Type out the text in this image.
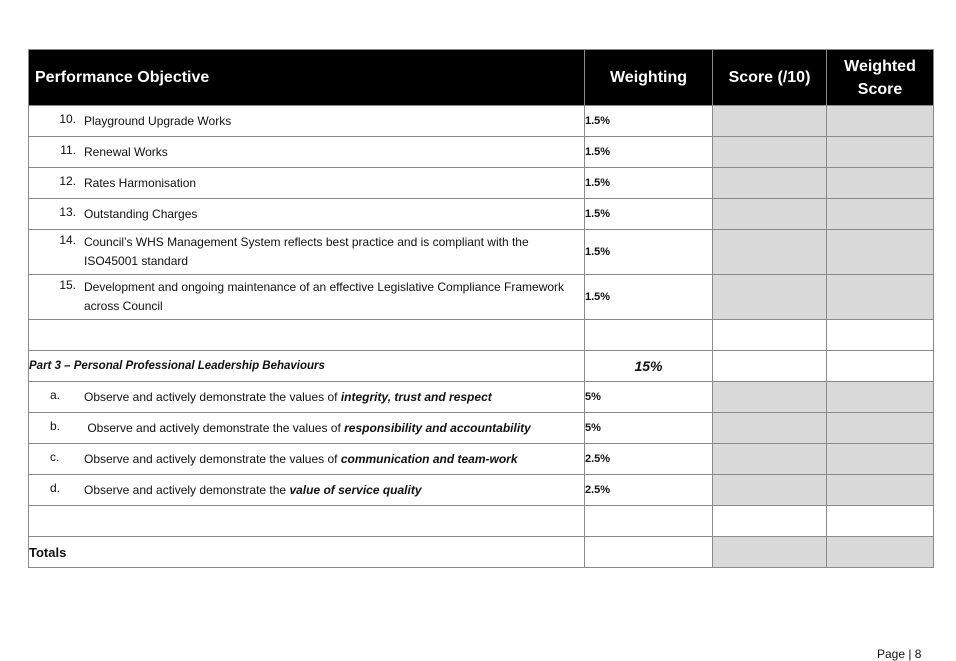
Performance Objective	Weighting	Score (/10)	Weighted
Score

10. Playground Upgrade Works	1.5%		

11. Renewal Works	1.5%		

12. Rates Harmonisation	1.5%		

13. Outstanding Charges	1.5%		

14. Council’s WHS Management System reflects best practice and is compliant with the
ISO45001 standard	1.5%		

15. Development and ongoing maintenance of an effective Legislative Compliance Framework
across Council	1.5%		

Part 3 – Personal Professional Leadership Behaviours	15%		

a. Observe and actively demonstrate the values of integrity, trust and respect	5%		

b. Observe and actively demonstrate the values of responsibility and accountability	5%		

c. Observe and actively demonstrate the values of communication and team-work	2.5%		

d. Observe and actively demonstrate the value of service quality	2.5%		

Totals			
Page | 8
